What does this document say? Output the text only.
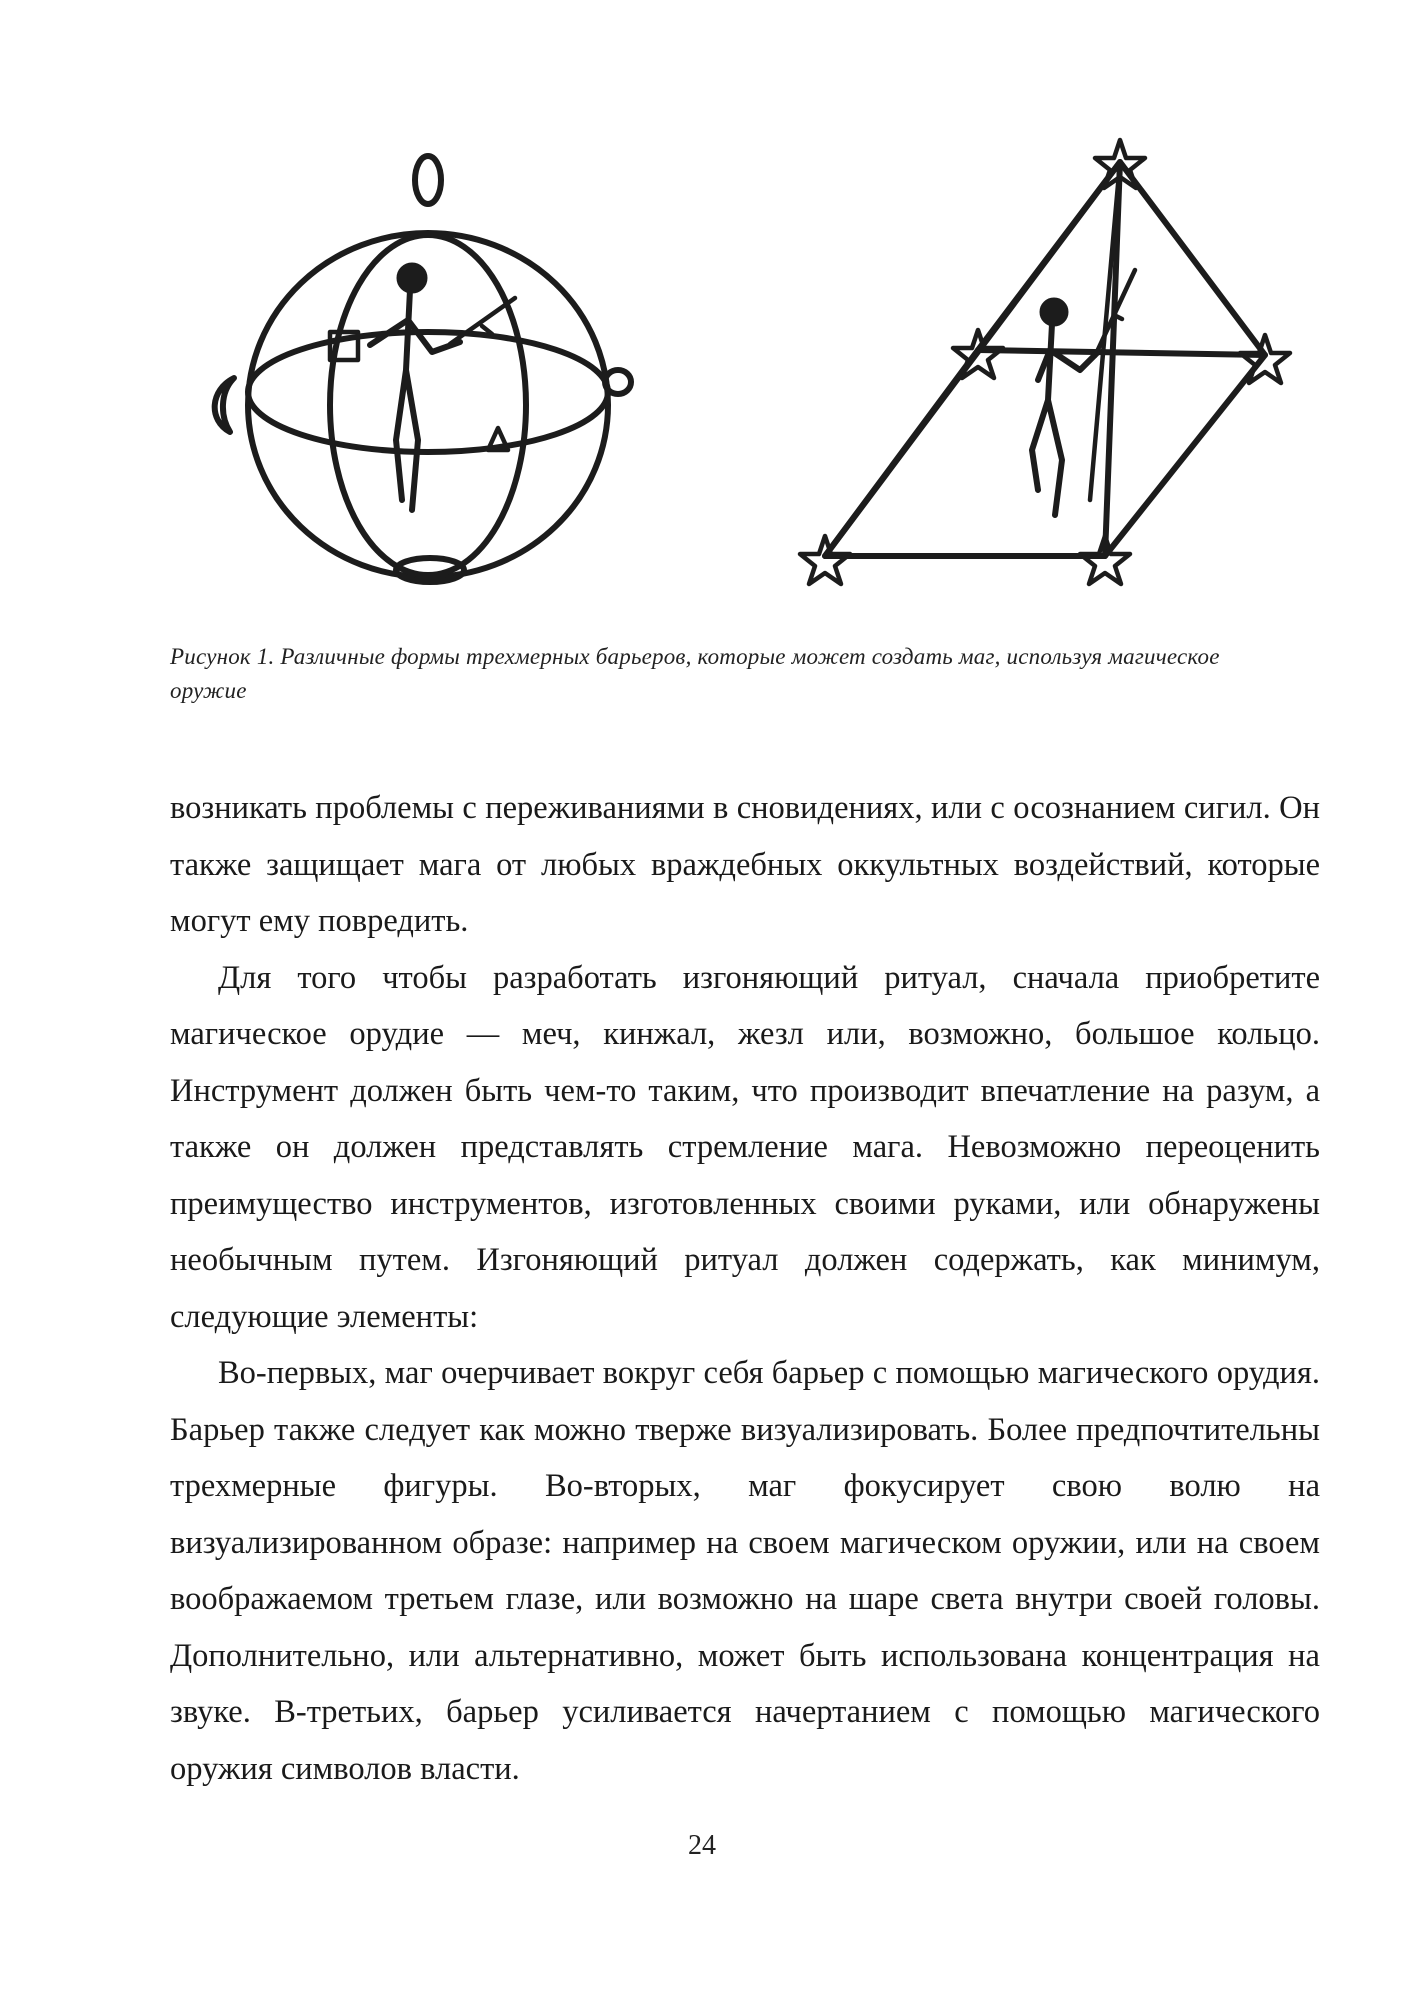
Рисунок 1. Различные формы трехмерных барьеров, которые может создать маг, используя магическое оружие

возникать проблемы с переживаниями в сновидениях, или с осознанием сигил. Он также защищает мага от любых враждебных оккультных воздействий, которые могут ему повредить.

Для того чтобы разработать изгоняющий ритуал, сначала приобретите магическое орудие — меч, кинжал, жезл или, возможно, большое кольцо. Инструмент должен быть чем-то таким, что производит впечатление на разум, а также он должен представлять стремление мага. Невозможно переоценить преимущество инструментов, изготовленных своими руками, или обнаружены необычным путем. Изгоняющий ритуал должен содержать, как минимум, следующие элементы:

Во-первых, маг очерчивает вокруг себя барьер с помощью магического орудия. Барьер также следует как можно тверже визуализировать. Более предпочтительны трехмерные фигуры. Во-вторых, маг фокусирует свою волю на визуализированном образе: например на своем магическом оружии, или на своем воображаемом третьем глазе, или возможно на шаре света внутри своей головы. Дополнительно, или альтернативно, может быть использована концентрация на звуке. В-третьих, барьер усиливается начертанием с помощью магического оружия символов власти.

24
